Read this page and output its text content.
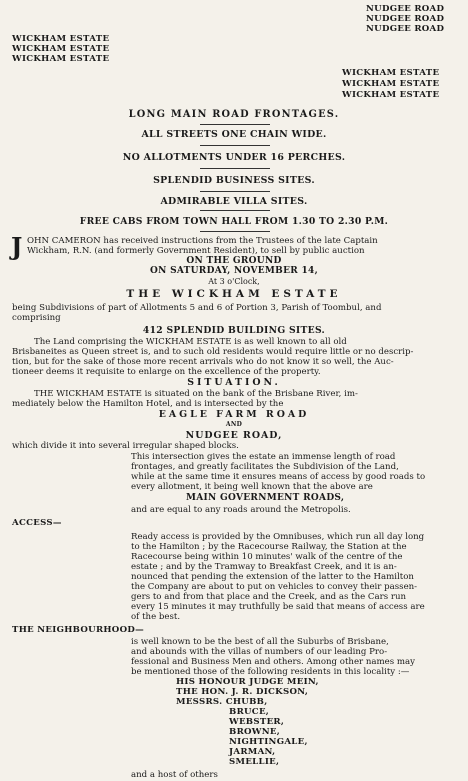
NUDGEE ROAD
NUDGEE ROAD
NUDGEE ROAD
WICKHAM ESTATE
WICKHAM ESTATE
WICKHAM ESTATE
WICKHAM ESTATE
WICKHAM ESTATE
WICKHAM ESTATE
LONG MAIN ROAD FRONTAGES.
ALL STREETS ONE CHAIN WIDE.
NO ALLOTMENTS UNDER 16 PERCHES.
SPLENDID BUSINESS SITES.
ADMIRABLE VILLA SITES.
FREE CABS FROM TOWN HALL FROM 1.30 TO 2.30 P.M.
J OHN CAMERON has received instructions from the Trustees of the late Captain
Wickham, R.N. (and formerly Government Resident), to sell by public auction
ON THE GROUND
ON SATURDAY, NOVEMBER 14,
At 3 o'Clock,
THE WICKHAM ESTATE
being Subdivisions of part of Allotments 5 and 6 of Portion 3, Parish of Toombul, and
comprising
412 SPLENDID BUILDING SITES.
The Land comprising the WICKHAM ESTATE is as well known to all old
Brisbaneites as Queen street is, and to such old residents would require little or no descrip-
tion, but for the sake of those more recent arrivals who do not know it so well, the Auc-
tioneer deems it requisite to enlarge on the excellence of the property.
SITUATION.
THE WICKHAM ESTATE is situated on the bank of the Brisbane River, im-
mediately below the Hamilton Hotel, and is intersected by the
EAGLE FARM ROAD
AND
NUDGEE ROAD,
which divide it into several irregular shaped blocks.
This intersection gives the estate an immense length of road
frontages, and greatly facilitates the Subdivision of the Land,
while at the same time it ensures means of access by good roads to
every allotment, it being well known that the above are
MAIN GOVERNMENT ROADS,
and are equal to any roads around the Metropolis.
ACCESS—
Ready access is provided by the Omnibuses, which run all day long
to the Hamilton ; by the Racecourse Railway, the Station at the
Racecourse being within 10 minutes' walk of the centre of the
estate ; and by the Tramway to Breakfast Creek, and it is an-
nounced that pending the extension of the latter to the Hamilton
the Company are about to put on vehicles to convey their passen-
gers to and from that place and the Creek, and as the Cars run
every 15 minutes it may truthfully be said that means of access are
of the best.
THE NEIGHBOURHOOD—
is well known to be the best of all the Suburbs of Brisbane,
and abounds with the villas of numbers of our leading Pro-
fessional and Business Men and others. Among other names may
be mentioned those of the following residents in this locality :—
HIS HONOUR JUDGE MEIN,
THE HON. J. R. DICKSON,
MESSRS. CHUBB,
BRUCE,
WEBSTER,
BROWNE,
NIGHTINGALE,
JARMAN,
SMELLIE,
and a host of others
